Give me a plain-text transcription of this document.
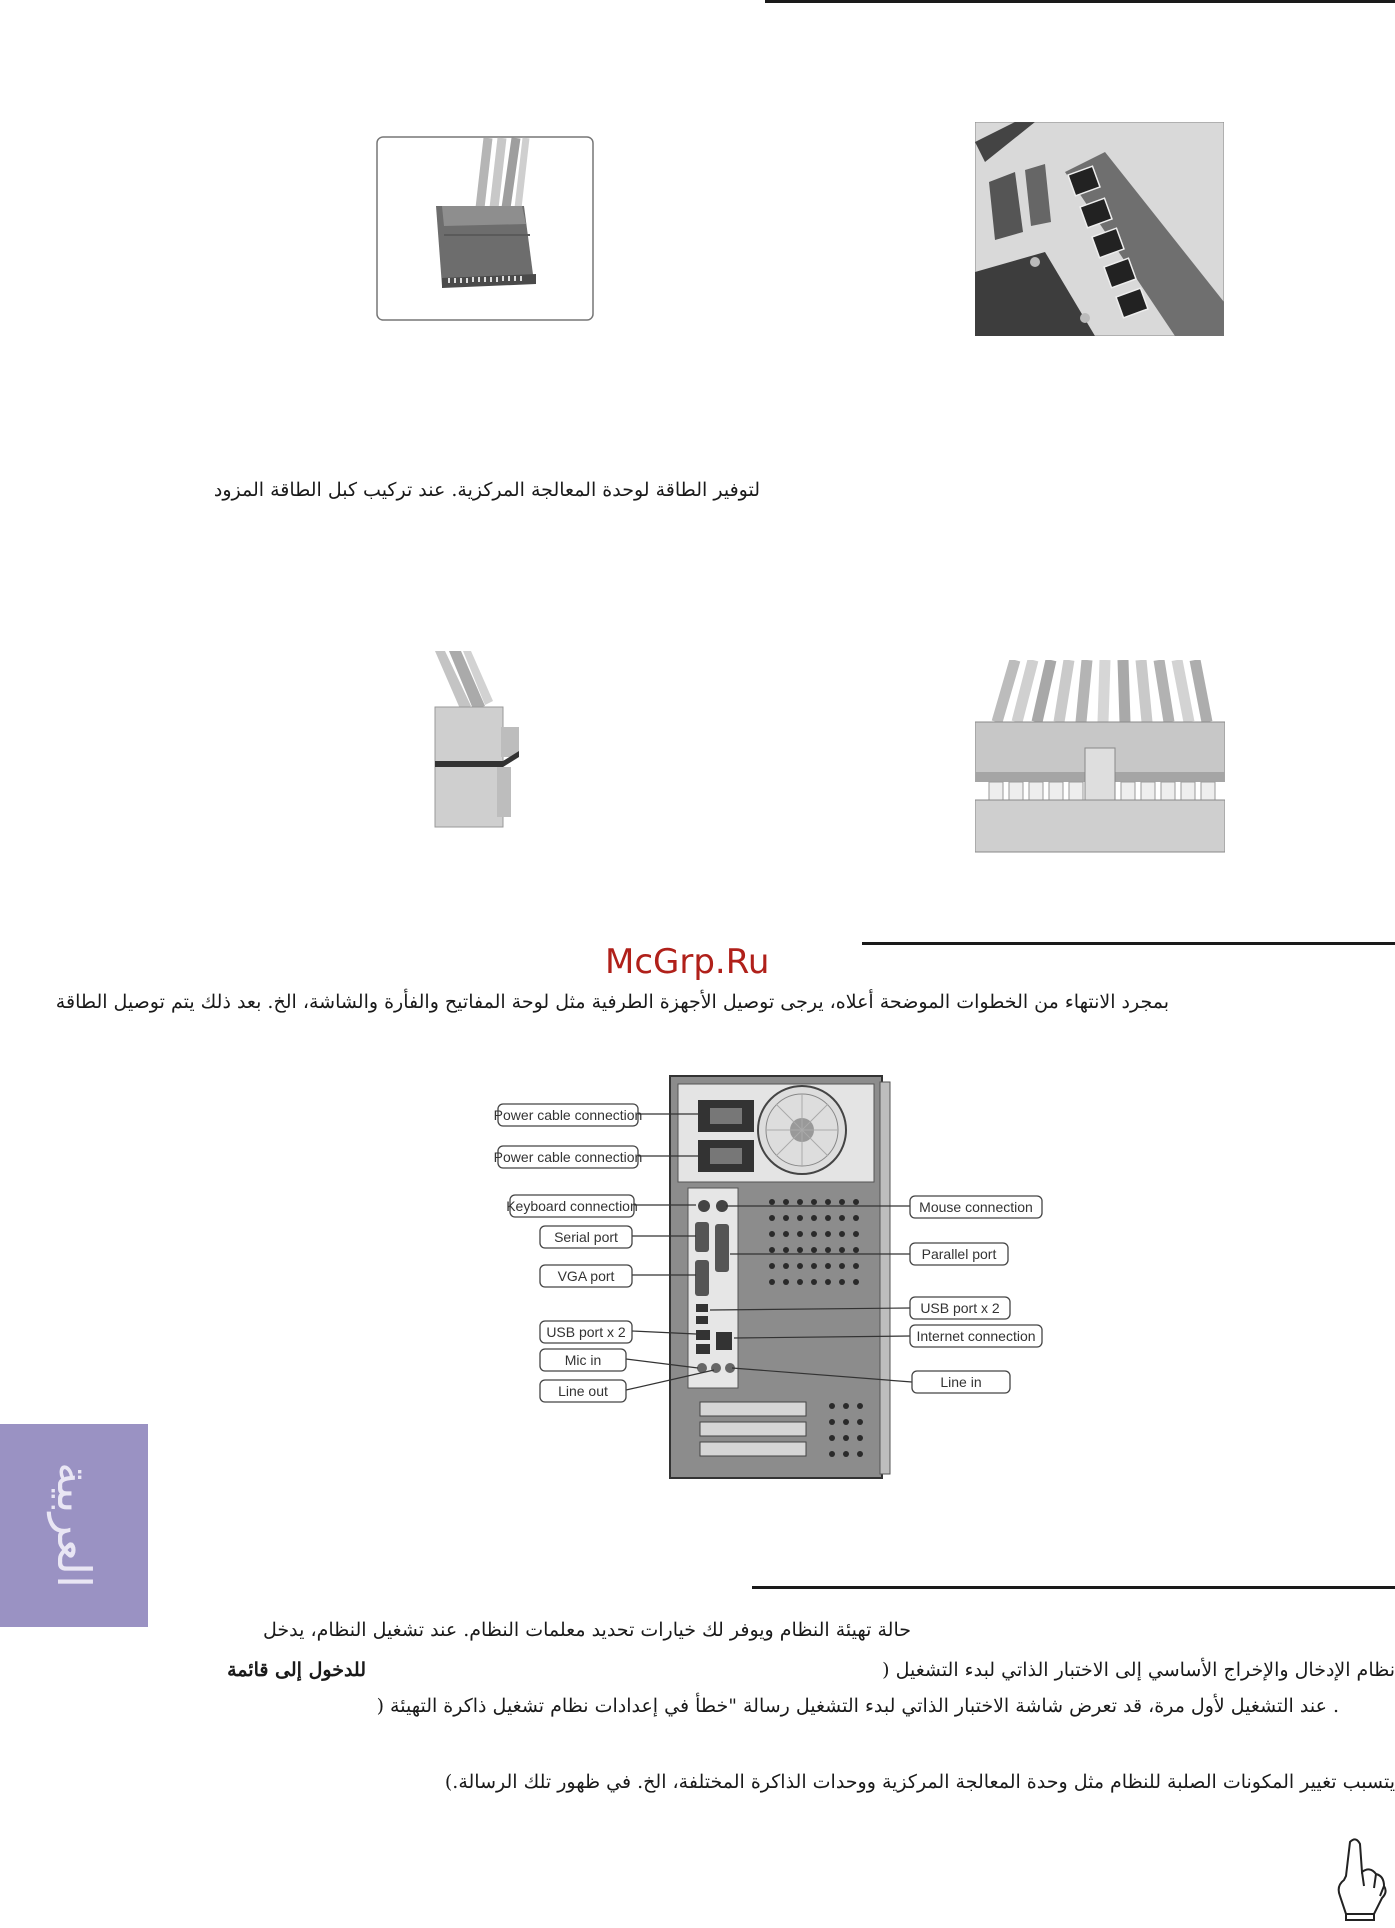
لتوفير الطاقة لوحدة المعالجة المركزية. عند تركيب كبل الطاقة المزود

McGrp.Ru

بمجرد الانتهاء من الخطوات الموضحة أعلاه، يرجى توصيل الأجهزة الطرفية مثل لوحة المفاتيح والفأرة والشاشة، الخ. بعد ذلك يتم توصيل الطاقة

Power cable connection
Power cable connection
Keyboard connection
Serial port
VGA port
USB port x 2
Mic in
Line out
Mouse connection
Parallel port
USB port x 2
Internet connection
Line in
العربية

حالة تهيئة النظام ويوفر لك خيارات تحديد معلمات النظام. عند تشغيل النظام، يدخل

نظام الإدخال والإخراج الأساسي إلى الاختبار الذاتي لبدء التشغيل (

للدخول إلى قائمة

. عند التشغيل لأول مرة، قد تعرض شاشة الاختبار الذاتي لبدء التشغيل رسالة "خطأ في إعدادات نظام تشغيل ذاكرة التهيئة (

يتسبب تغيير المكونات الصلبة للنظام مثل وحدة المعالجة المركزية ووحدات الذاكرة المختلفة، الخ. في ظهور تلك الرسالة.)
